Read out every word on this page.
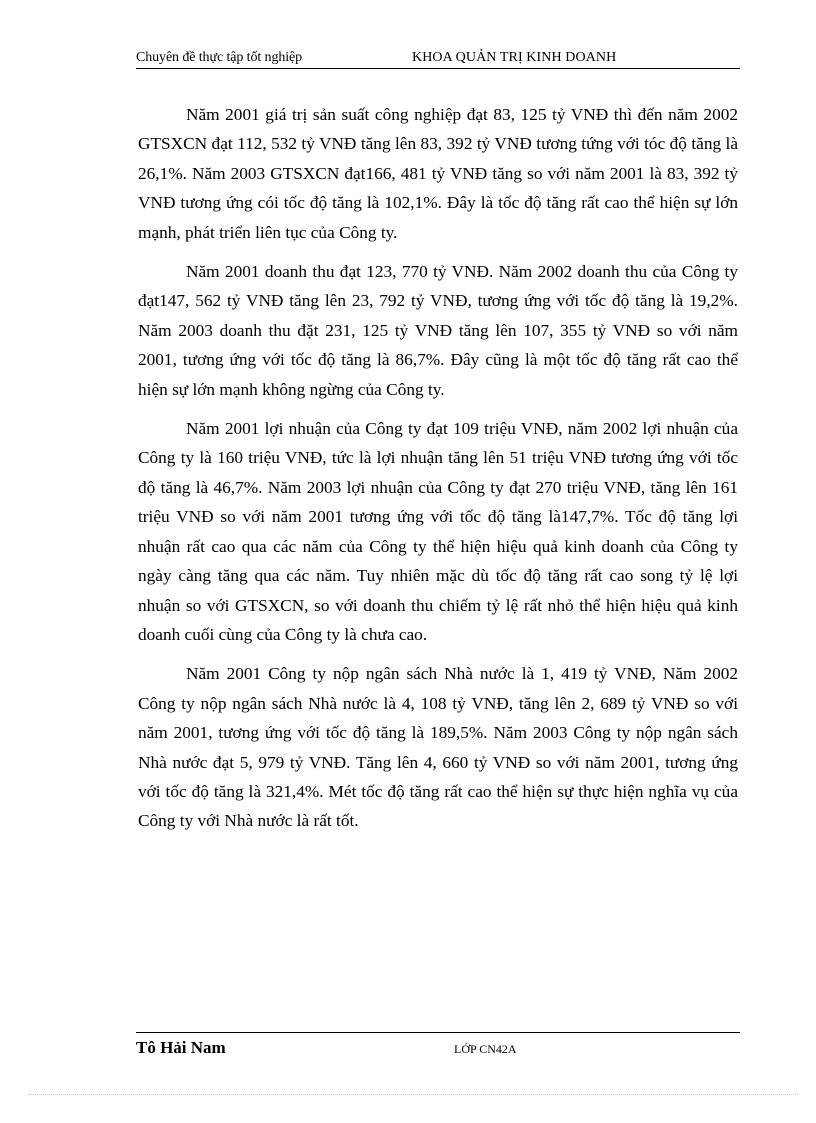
Chuyên đề thực tập tốt nghiệp	KHOA QUẢN TRỊ KINH DOANH

Năm 2001 giá trị sản suất công nghiệp đạt 83, 125 tỷ VNĐ thì đến năm 2002 GTSXCN đạt 112, 532 tỷ VNĐ tăng lên 83, 392 tỷ VNĐ tương tứng với tóc độ tăng là 26,1%. Năm 2003 GTSXCN đạt166, 481 tỷ VNĐ tăng so với năm 2001 là 83, 392 tỷ VNĐ tương ứng cói tốc độ tăng là 102,1%. Đây là tốc độ tăng rất cao thể hiện sự lớn mạnh, phát triển liên tục của Công ty.

Năm 2001 doanh thu đạt 123, 770 tỷ VNĐ. Năm 2002 doanh thu của Công ty đạt147, 562 tỷ VNĐ tăng lên 23, 792 tỷ VNĐ, tương ứng với tốc độ tăng là 19,2%. Năm 2003 doanh thu đặt 231, 125 tỷ VNĐ tăng lên 107, 355 tỷ VNĐ so với năm 2001, tương ứng với tốc độ tăng là 86,7%. Đây cũng là một tốc độ tăng rất cao thể hiện sự lớn mạnh không ngừng của Công ty.

Năm 2001 lợi nhuận của Công ty đạt 109 triệu VNĐ, năm 2002 lợi nhuận của Công ty là 160 triệu VNĐ, tức là lợi nhuận tăng lên 51 triệu VNĐ tương ứng với tốc độ tăng là 46,7%. Năm 2003 lợi nhuận của Công ty đạt 270 triệu VNĐ, tăng lên 161 triệu VNĐ so với năm 2001 tương ứng với tốc độ tăng là147,7%. Tốc độ tăng lợi nhuận rất cao qua các năm của Công ty thể hiện hiệu quả kinh doanh của Công ty ngày càng tăng qua các năm. Tuy nhiên mặc dù tốc độ tăng rất cao song tỷ lệ lợi nhuận so với GTSXCN, so với doanh thu chiếm tỷ lệ rất nhỏ thể hiện hiệu quả kinh doanh cuối cùng của Công ty là chưa cao.

Năm 2001 Công ty nộp ngân sách Nhà nước là 1, 419 tỷ VNĐ, Năm 2002 Công ty nộp ngân sách Nhà nước là 4, 108 tỷ VNĐ, tăng lên 2, 689 tỷ VNĐ so với năm 2001, tương ứng với tốc độ tăng là 189,5%. Năm 2003 Công ty nộp ngân sách Nhà nước đạt 5, 979 tỷ VNĐ. Tăng lên 4, 660 tỷ VNĐ so với năm 2001, tương ứng với tốc độ tăng là 321,4%. Mét tốc độ tăng rất cao thể hiện sự thực hiện nghĩa vụ của Công ty với Nhà nước là rất tốt.

Tô Hải Nam	LỚP CN42A
